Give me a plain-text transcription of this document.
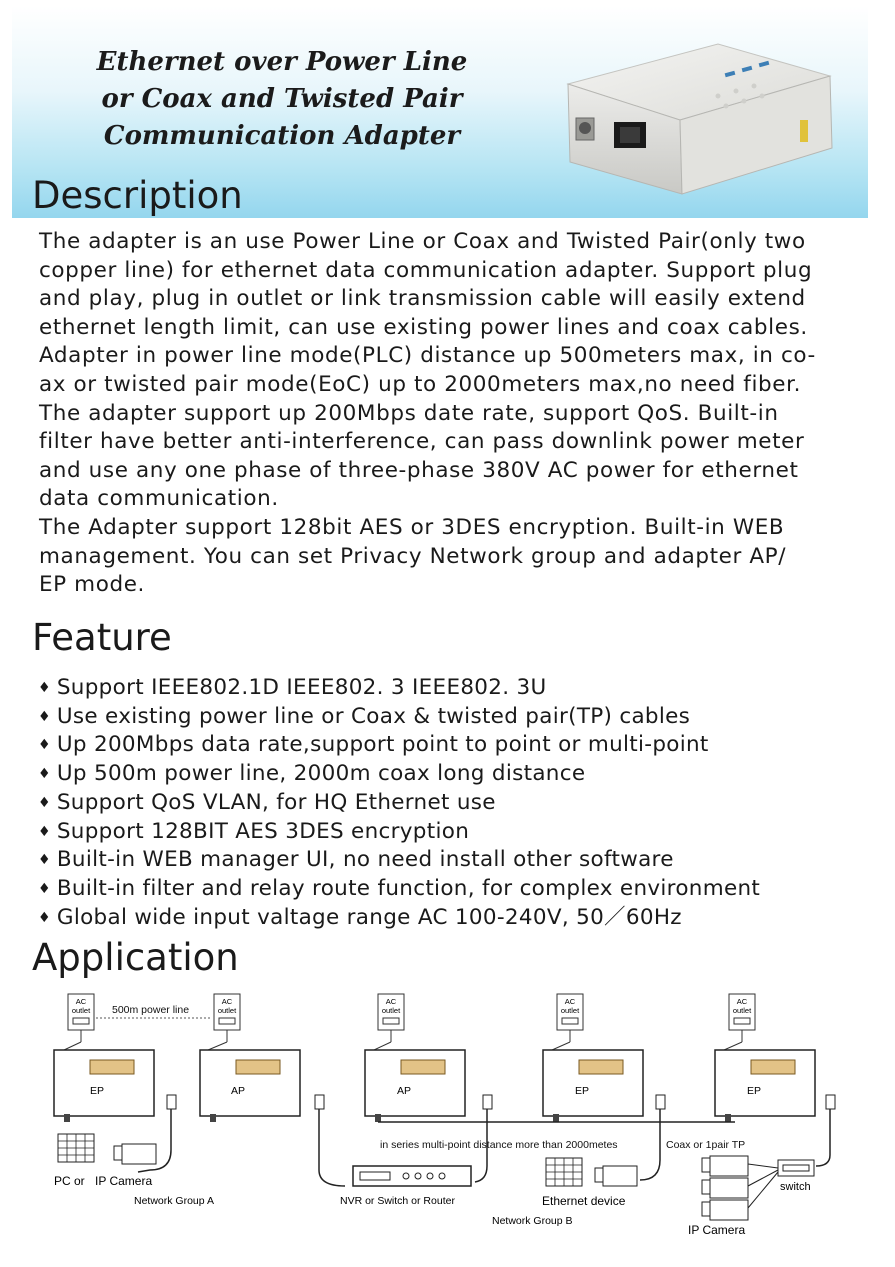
Ethernet over Power Line
or Coax and Twisted Pair
Communication Adapter
Description
The adapter is an use Power Line or Coax and Twisted Pair(only two
copper line) for ethernet data communication adapter. Support plug
and play, plug in outlet or link transmission cable will easily extend
ethernet length limit, can use existing power lines and coax cables.
Adapter in power line mode(PLC) distance up 500meters max, in co-
ax or twisted pair mode(EoC) up to 2000meters max,no need fiber.
The adapter support up 200Mbps date rate, support QoS. Built-in
filter have better anti-interference, can pass downlink power meter
and use any one phase of three-phase 380V AC power for ethernet
data communication.
The Adapter support 128bit AES or 3DES encryption. Built-in WEB
management. You can set Privacy Network group and adapter AP/
EP mode.
Feature
♦ Support IEEE802.1D IEEE802. 3 IEEE802. 3U
♦ Use existing power line or Coax & twisted pair(TP) cables
♦ Up 200Mbps data rate,support point to point or multi-point
♦ Up 500m power line, 2000m coax long distance
♦ Support QoS VLAN, for HQ Ethernet use
♦ Support 128BIT AES 3DES encryption
♦ Built-in WEB manager UI, no need install other software
♦ Built-in filter and relay route function, for complex environment
♦ Global wide input valtage range AC 100-240V, 50／60Hz
Application
500m power line
AC
outlet
AC
outlet
AC
outlet
AC
outlet
AC
outlet
EP	AP	AP	EP	EP
in series multi-point distance more than 2000metes	Coax or 1pair TP
PC or IP Camera
Network Group A	NVR or Switch or Router	Ethernet device
Network Group B
switch
IP Camera
